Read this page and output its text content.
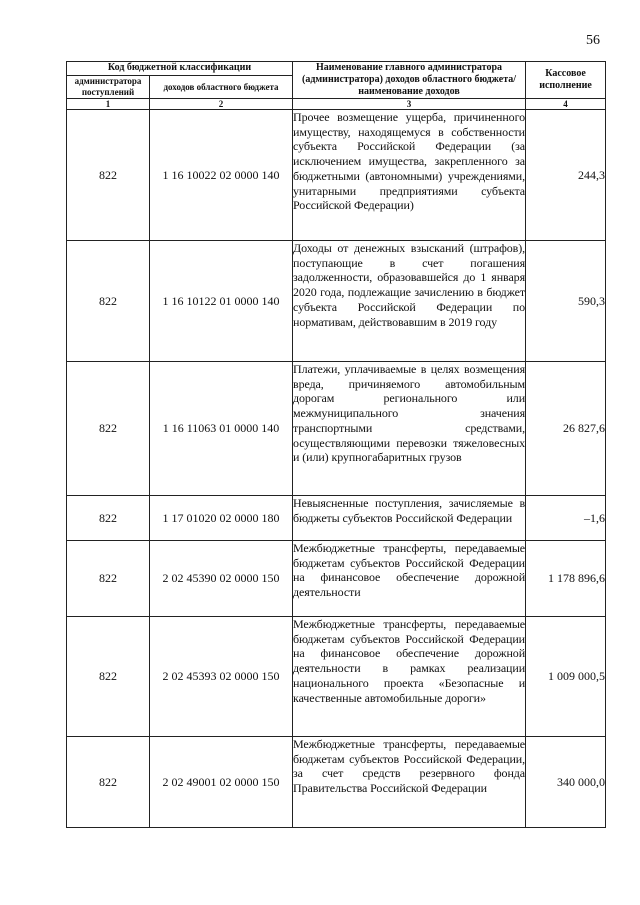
56
Код бюджетной классификации		Наименование главного администратора (администратора) доходов областного бюджета/ наименование доходов	Кассовое исполнение
администратора поступлений	доходов областного бюджета		
1	2	3	4
822	1 16 10022 02 0000 140	Прочее возмещение ущерба, причиненного имуществу, находящемуся в собственности субъекта Российской Федерации (за исключением имущества, закрепленного за бюджетными (автономными) учреждениями, унитарными предприятиями субъекта Российской Федерации)	244,3
822	1 16 10122 01 0000 140	Доходы от денежных взысканий (штрафов), поступающие в счет погашения задолженности, образовавшейся до 1 января 2020 года, подлежащие зачислению в бюджет субъекта Российской Федерации по нормативам, действовавшим в 2019 году	590,3
822	1 16 11063 01 0000 140	Платежи, уплачиваемые в целях возмещения вреда, причиняемого автомобильным дорогам регионального или межмуниципального значения транспортными средствами, осуществляющими перевозки тяжеловесных и (или) крупногабаритных грузов	26 827,6
822	1 17 01020 02 0000 180	Невыясненные поступления, зачисляемые в бюджеты субъектов Российской Федерации	–1,6
822	2 02 45390 02 0000 150	Межбюджетные трансферты, передаваемые бюджетам субъектов Российской Федерации на финансовое обеспечение дорожной деятельности	1 178 896,6
822	2 02 45393 02 0000 150	Межбюджетные трансферты, передаваемые бюджетам субъектов Российской Федерации на финансовое обеспечение дорожной деятельности в рамках реализации национального проекта «Безопасные и качественные автомобильные дороги»	1 009 000,5
822	2 02 49001 02 0000 150	Межбюджетные трансферты, передаваемые бюджетам субъектов Российской Федерации, за счет средств резервного фонда Правительства Российской Федерации	340 000,0
